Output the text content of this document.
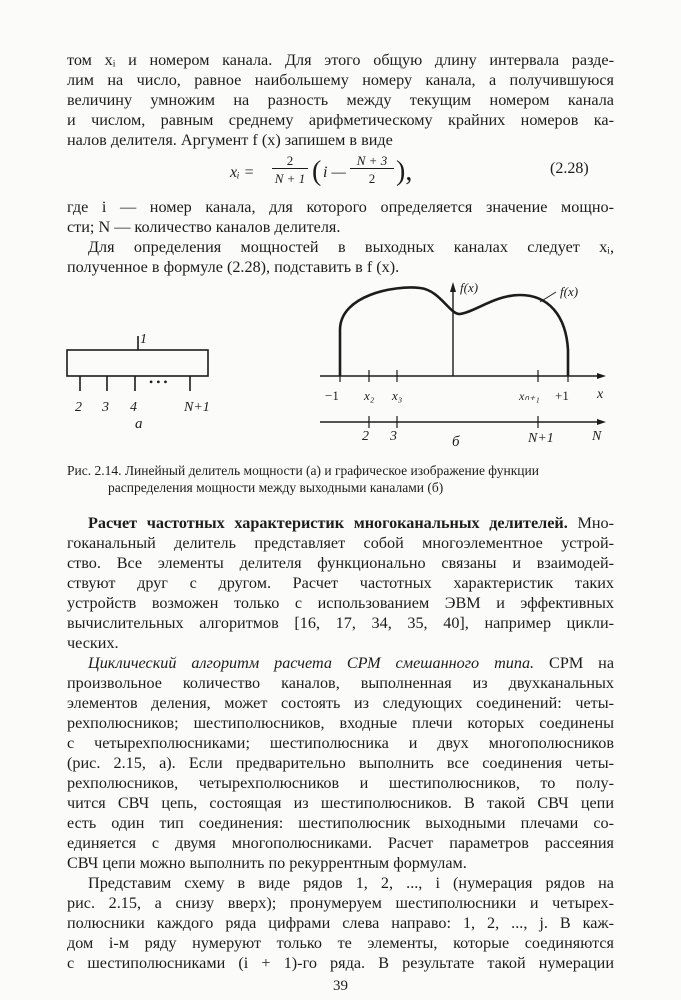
том xᵢ и номером канала. Для этого общую длину интервала разде-
лим на число, равное наибольшему номеру канала, а получившуюся
величину умножим на разность между текущим номером канала
и числом, равным среднему арифметическому крайних номеров ка-
налов делителя. Аргумент f (x) запишем в виде
xᵢ =
2
N + 1 ( i —
N + 3
2 ),	(2.28)
где i — номер канала, для которого определяется значение мощно-
сти; N — количество каналов делителя.
Для определения мощностей в выходных каналах следует xᵢ,
полученное в формуле (2.28), подставить в f (x).
1
2 3 4
• • •
N+1
а
f(x)	f(x)
x
−1 x₂ x₃	xₙ₊₁ +1
2 3	N+1	N
б
Рис. 2.14. Линейный делитель мощности (а) и графическое изображение функции
распределения мощности между выходными каналами (б)
Расчет частотных характеристик многоканальных делителей. Мно-
гоканальный делитель представляет собой многоэлементное устрой-
ство. Все элементы делителя функционально связаны и взаимодей-
ствуют друг с другом. Расчет частотных характеристик таких
устройств возможен только с использованием ЭВМ и эффективных
вычислительных алгоритмов [16, 17, 34, 35, 40], например цикли-
ческих.
Циклический алгоритм расчета СРМ смешанного типа. СРМ на
произвольное количество каналов, выполненная из двухканальных
элементов деления, может состоять из следующих соединений: четы-
рехполюсников; шестиполюсников, входные плечи которых соединены
с четырехполюсниками; шестиполюсника и двух многополюсников
(рис. 2.15, а). Если предварительно выполнить все соединения четы-
рехполюсников, четырехполюсников и шестиполюсников, то полу-
чится СВЧ цепь, состоящая из шестиполюсников. В такой СВЧ цепи
есть один тип соединения: шестиполюсник выходными плечами со-
единяется с двумя многополюсниками. Расчет параметров рассеяния
СВЧ цепи можно выполнить по рекуррентным формулам.
Представим схему в виде рядов 1, 2, ..., i (нумерация рядов на
рис. 2.15, а снизу вверх); пронумеруем шестиполюсники и четырех-
полюсники каждого ряда цифрами слева направо: 1, 2, ..., j. В каж-
дом i-м ряду нумеруют только те элементы, которые соединяются
с шестиполюсниками (i + 1)-го ряда. В результате такой нумерации
39
